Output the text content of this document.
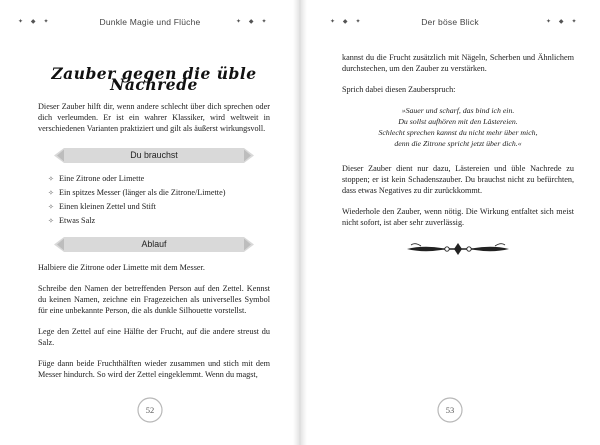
✦ ◆ ✦	Dunkle Magie und Flüche	✦ ◆ ✦
Zauber gegen die üble Nachrede

Dieser Zauber hilft dir, wenn andere schlecht über dich sprechen oder dich verleumden. Er ist ein wahrer Klassiker, wird weltweit in verschiedenen Varianten praktiziert und gilt als äußerst wirkungsvoll.

Du brauchst
✧ Eine Zitrone oder Limette
✧ Ein spitzes Messer (länger als die Zitrone/Limette)
✧ Einen kleinen Zettel und Stift
✧ Etwas Salz
Ablauf

Halbiere die Zitrone oder Limette mit dem Messer.

Schreibe den Namen der betreffenden Person auf den Zettel. Kennst du keinen Namen, zeichne ein Fragezeichen als universelles Symbol für eine unbekannte Person, die als dunkle Silhouette vorstellst.

Lege den Zettel auf eine Hälfte der Frucht, auf die andere streust du Salz.

Füge dann beide Fruchthälften wieder zusammen und stich mit dem Messer hindurch. So wird der Zettel eingeklemmt. Wenn du magst,

52
✦ ◆ ✦	Der böse Blick	✦ ◆ ✦

kannst du die Frucht zusätzlich mit Nägeln, Scherben und Ähnlichem durchstechen, um den Zauber zu verstärken.

Sprich dabei diesen Zauberspruch:

»Sauer und scharf, das bind ich ein.

Du sollst aufhören mit den Lästereien.

Schlecht sprechen kannst du nicht mehr über mich,

denn die Zitrone spricht jetzt über dich.«

Dieser Zauber dient nur dazu, Lästereien und üble Nachrede zu stoppen; er ist kein Schadenszauber. Du brauchst nicht zu befürchten, dass etwas Negatives zu dir zurückkommt.

Wiederhole den Zauber, wenn nötig. Die Wirkung entfaltet sich meist nicht sofort, ist aber sehr zuverlässig.

53
